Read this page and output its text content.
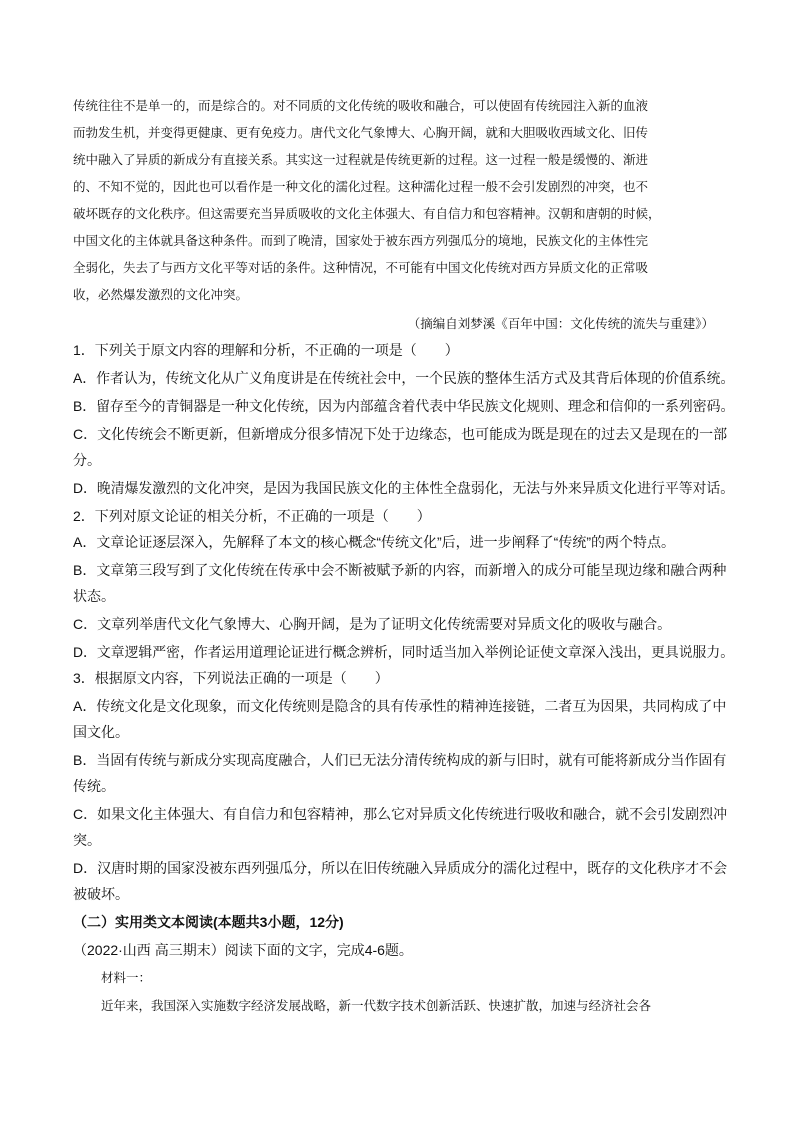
传统往往不是单一的，而是综合的。对不同质的文化传统的吸收和融合，可以使固有传统园注入新的血液
而勃发生机，并变得更健康、更有免疫力。唐代文化气象博大、心胸开阔，就和大胆吸收西域文化、旧传
统中融入了异质的新成分有直接关系。其实这一过程就是传统更新的过程。这一过程一般是缓慢的、渐进
的、不知不觉的，因此也可以看作是一种文化的濡化过程。这种濡化过程一般不会引发剧烈的冲突，也不
破坏既存的文化秩序。但这需要充当异质吸收的文化主体强大、有自信力和包容精神。汉朝和唐朝的时候，
中国文化的主体就具备这种条件。而到了晚清，国家处于被东西方列强瓜分的境地，民族文化的主体性完
全弱化，失去了与西方文化平等对话的条件。这种情况，不可能有中国文化传统对西方异质文化的正常吸
收，必然爆发激烈的文化冲突。
（摘编自刘梦溪《百年中国：文化传统的流失与重建》）
1．下列关于原文内容的理解和分析，不正确的一项是（　　）
A．作者认为，传统文化从广义角度讲是在传统社会中，一个民族的整体生活方式及其背后体现的价值系统。
B．留存至今的青铜器是一种文化传统，因为内部蕴含着代表中华民族文化规则、理念和信仰的一系列密码。
C．文化传统会不断更新，但新增成分很多情况下处于边缘态，也可能成为既是现在的过去又是现在的一部
分。
D．晚清爆发激烈的文化冲突，是因为我国民族文化的主体性全盘弱化，无法与外来异质文化进行平等对话。
2．下列对原文论证的相关分析，不正确的一项是（　　）
A．文章论证逐层深入，先解释了本文的核心概念“传统文化”后，进一步阐释了“传统”的两个特点。
B．文章第三段写到了文化传统在传承中会不断被赋予新的内容，而新增入的成分可能呈现边缘和融合两种
状态。
C．文章列举唐代文化气象博大、心胸开阔，是为了证明文化传统需要对异质文化的吸收与融合。
D．文章逻辑严密，作者运用道理论证进行概念辨析，同时适当加入举例论证使文章深入浅出，更具说服力。
3．根据原文内容，下列说法正确的一项是（　　）
A．传统文化是文化现象，而文化传统则是隐含的具有传承性的精神连接链，二者互为因果，共同构成了中
国文化。
B．当固有传统与新成分实现高度融合，人们已无法分清传统构成的新与旧时，就有可能将新成分当作固有
传统。
C．如果文化主体强大、有自信力和包容精神，那么它对异质文化传统进行吸收和融合，就不会引发剧烈冲
突。
D．汉唐时期的国家没被东西列强瓜分，所以在旧传统融入异质成分的濡化过程中，既存的文化秩序才不会
被破坏。
（二）实用类文本阅读(本题共3小题，12分)
（2022·山西 高三期末）阅读下面的文字，完成4-6题。
材料一：
近年来，我国深入实施数字经济发展战略，新一代数字技术创新活跃、快速扩散，加速与经济社会各
